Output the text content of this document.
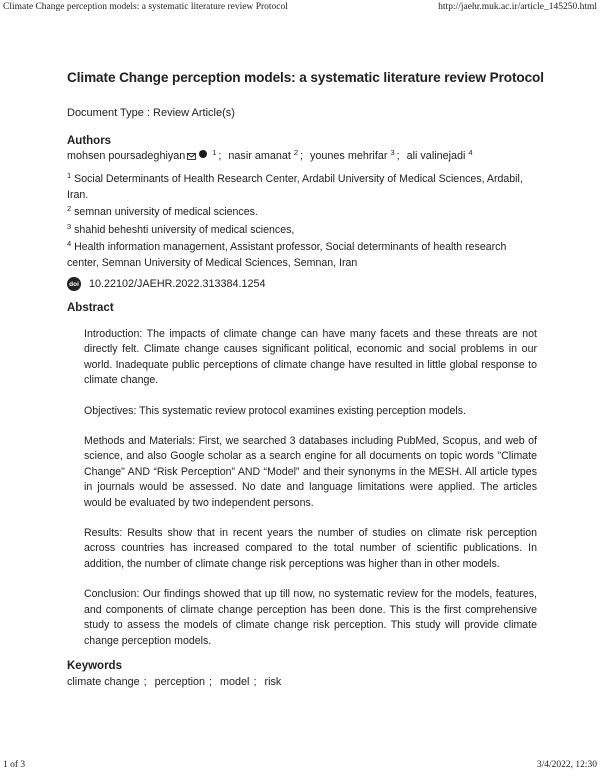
Climate Change perception models: a systematic literature review Protocol	http://jaehr.muk.ac.ir/article_145250.html
Climate Change perception models: a systematic literature review Protocol
Document Type : Review Article(s)
Authors
mohsen poursadeghiyan	$^1$ ; nasir amanat $^2$ ; younes mehrifar $^3$ ; ali valinejadi $^4$
$^1$ Social Determinants of Health Research Center, Ardabil University of Medical Sciences, Ardabil, Iran.
$^2$ semnan university of medical sciences.
$^3$ shahid beheshti university of medical sciences,
$^4$ Health information management, Assistant professor, Social determinants of health research center, Semnan University of Medical Sciences, Semnan, Iran
doi 10.22102/JAEHR.2022.313384.1254
Abstract

Introduction: The impacts of climate change can have many facets and these threats are not directly felt. Climate change causes significant political, economic and social problems in our world. Inadequate public perceptions of climate change have resulted in little global response to climate change.

Objectives: This systematic review protocol examines existing perception models.

Methods and Materials: First, we searched 3 databases including PubMed, Scopus, and web of science, and also Google scholar as a search engine for all documents on topic words "Climate Change" AND “Risk Perception” AND “Model” and their synonyms in the MESH. All article types in journals would be assessed. No date and language limitations were applied. The articles would be evaluated by two independent persons.

Results: Results show that in recent years the number of studies on climate risk perception across countries has increased compared to the total number of scientific publications. In addition, the number of climate change risk perceptions was higher than in other models.

Conclusion: Our findings showed that up till now, no systematic review for the models, features, and components of climate change perception has been done. This is the first comprehensive study to assess the models of climate change risk perception. This study will provide climate change perception models.

Keywords
climate change ; perception ; model ; risk
1 of 3	3/4/2022, 12:30
